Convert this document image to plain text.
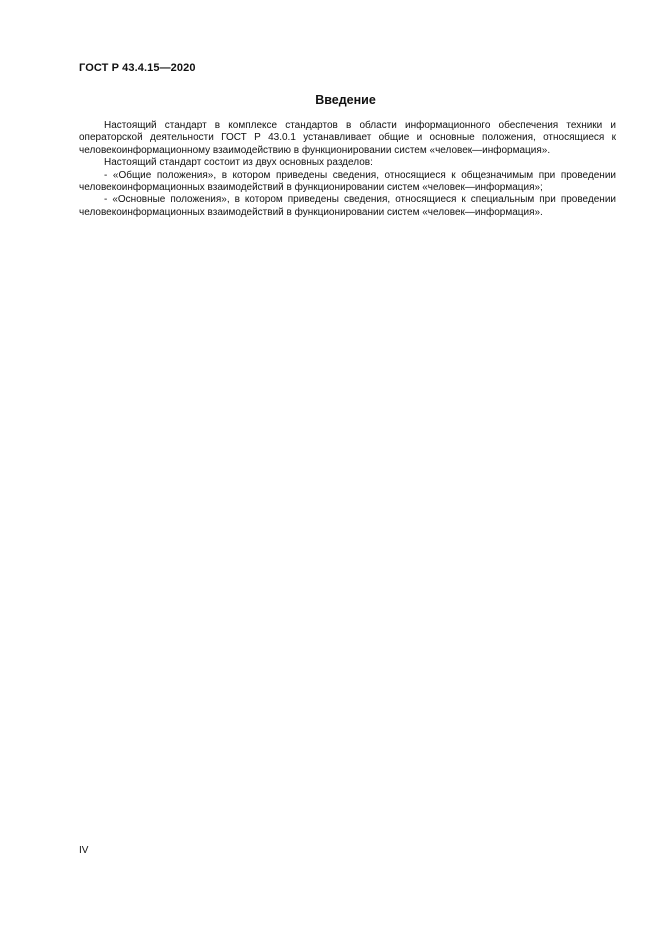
ГОСТ Р 43.4.15—2020
Введение

Настоящий стандарт в комплексе стандартов в области информационного обеспечения техники и операторской деятельности ГОСТ Р 43.0.1 устанавливает общие и основные положения, относящиеся к человекоинформационному взаимодействию в функционировании систем «человек—информация».

Настоящий стандарт состоит из двух основных разделов:

- «Общие положения», в котором приведены сведения, относящиеся к общезначимым при проведении человекоинформационных взаимодействий в функционировании систем «человек—информация»;

- «Основные положения», в котором приведены сведения, относящиеся к специальным при проведении человекоинформационных взаимодействий в функционировании систем «человек—информация».

IV
